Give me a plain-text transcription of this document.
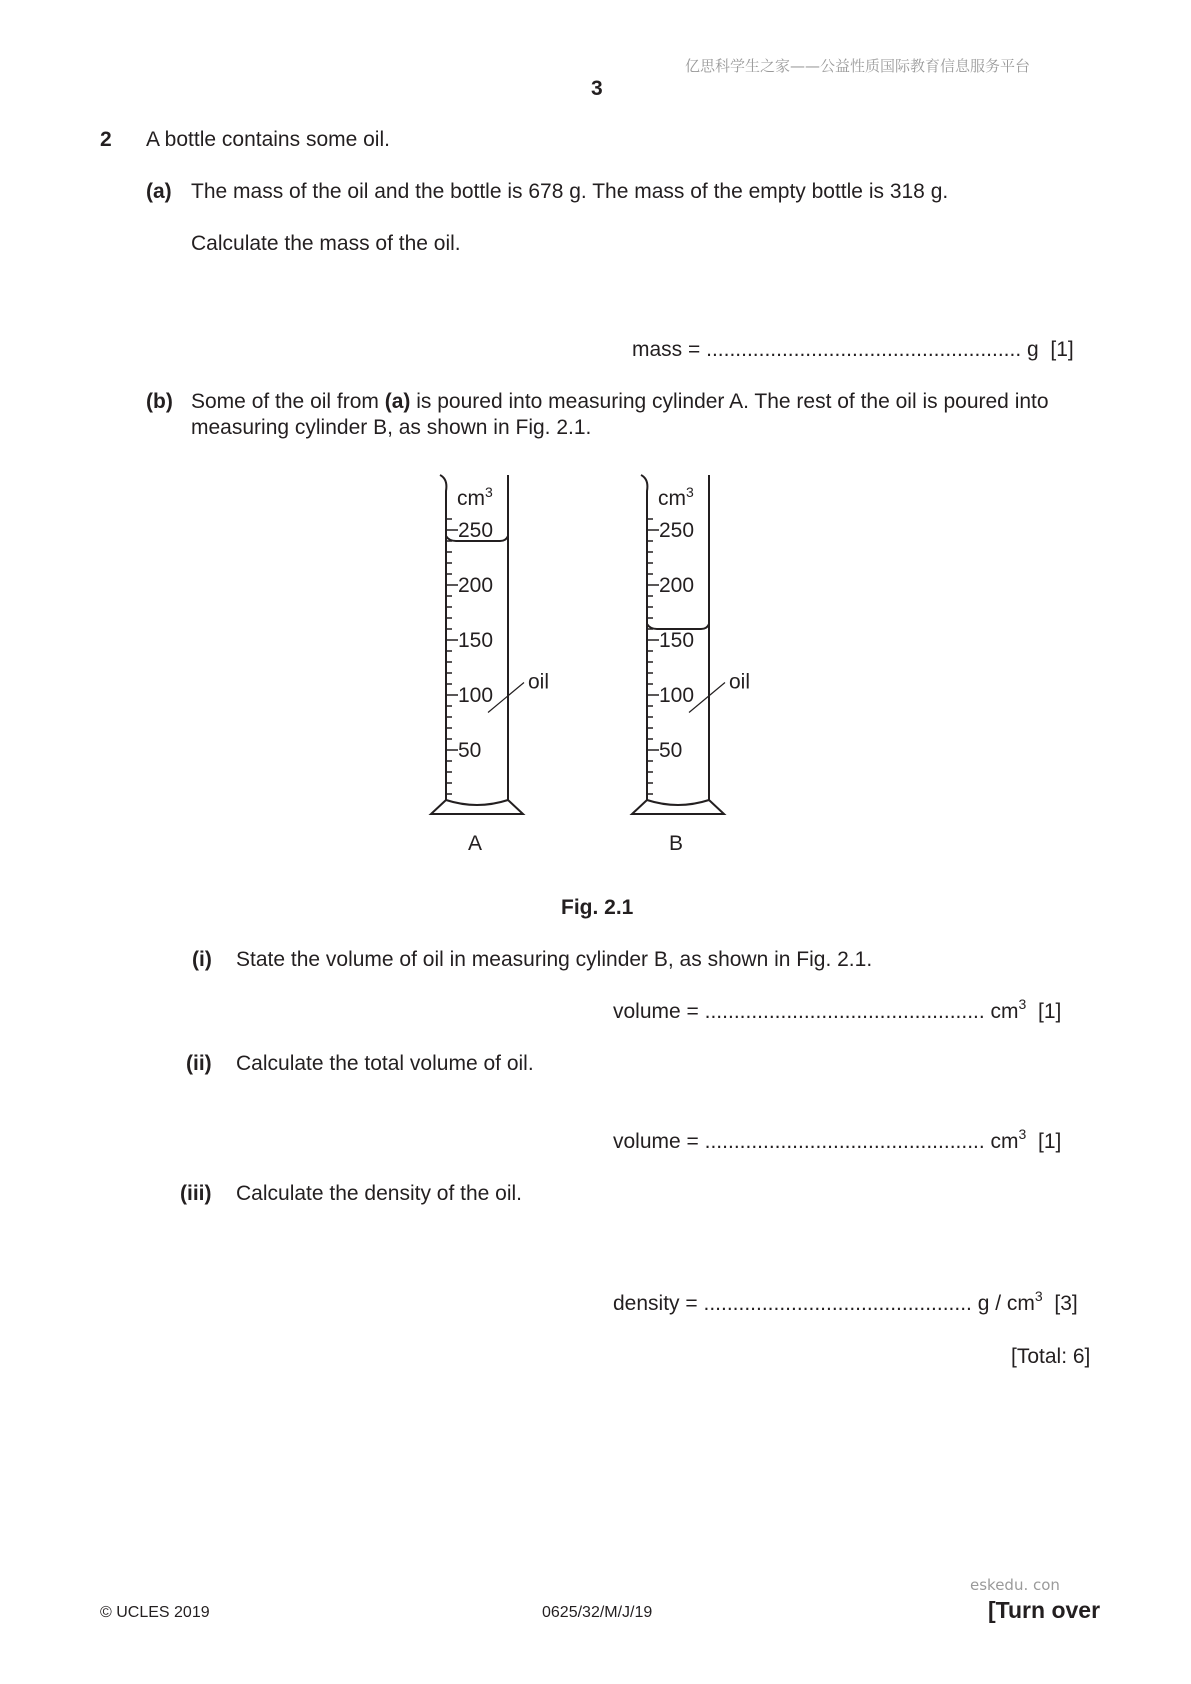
亿思科学生之家——公益性质国际教育信息服务平台
3
2 A bottle contains some oil.
(a) The mass of the oil and the bottle is 678 g. The mass of the empty bottle is 318 g.
Calculate the mass of the oil.
mass = ...................................................... g [1]
(b) Some of the oil from (a) is poured into measuring cylinder A. The rest of the oil is poured into
measuring cylinder B, as shown in Fig. 2.1.
250
200
150
100
50
$cm^3$
oil
A
250
200
150
100
50
$cm^3$
oil
B
Fig. 2.1
(i) State the volume of oil in measuring cylinder B, as shown in Fig. 2.1.
volume = ................................................ $cm^3$ [1]
(ii) Calculate the total volume of oil.
volume = ................................................ $cm^3$ [1]
(iii) Calculate the density of the oil.
density = .............................................. g / $cm^3$ [3]
[Total: 6]
eskedu. con
© UCLES 2019	0625/32/M/J/19	[Turn over
